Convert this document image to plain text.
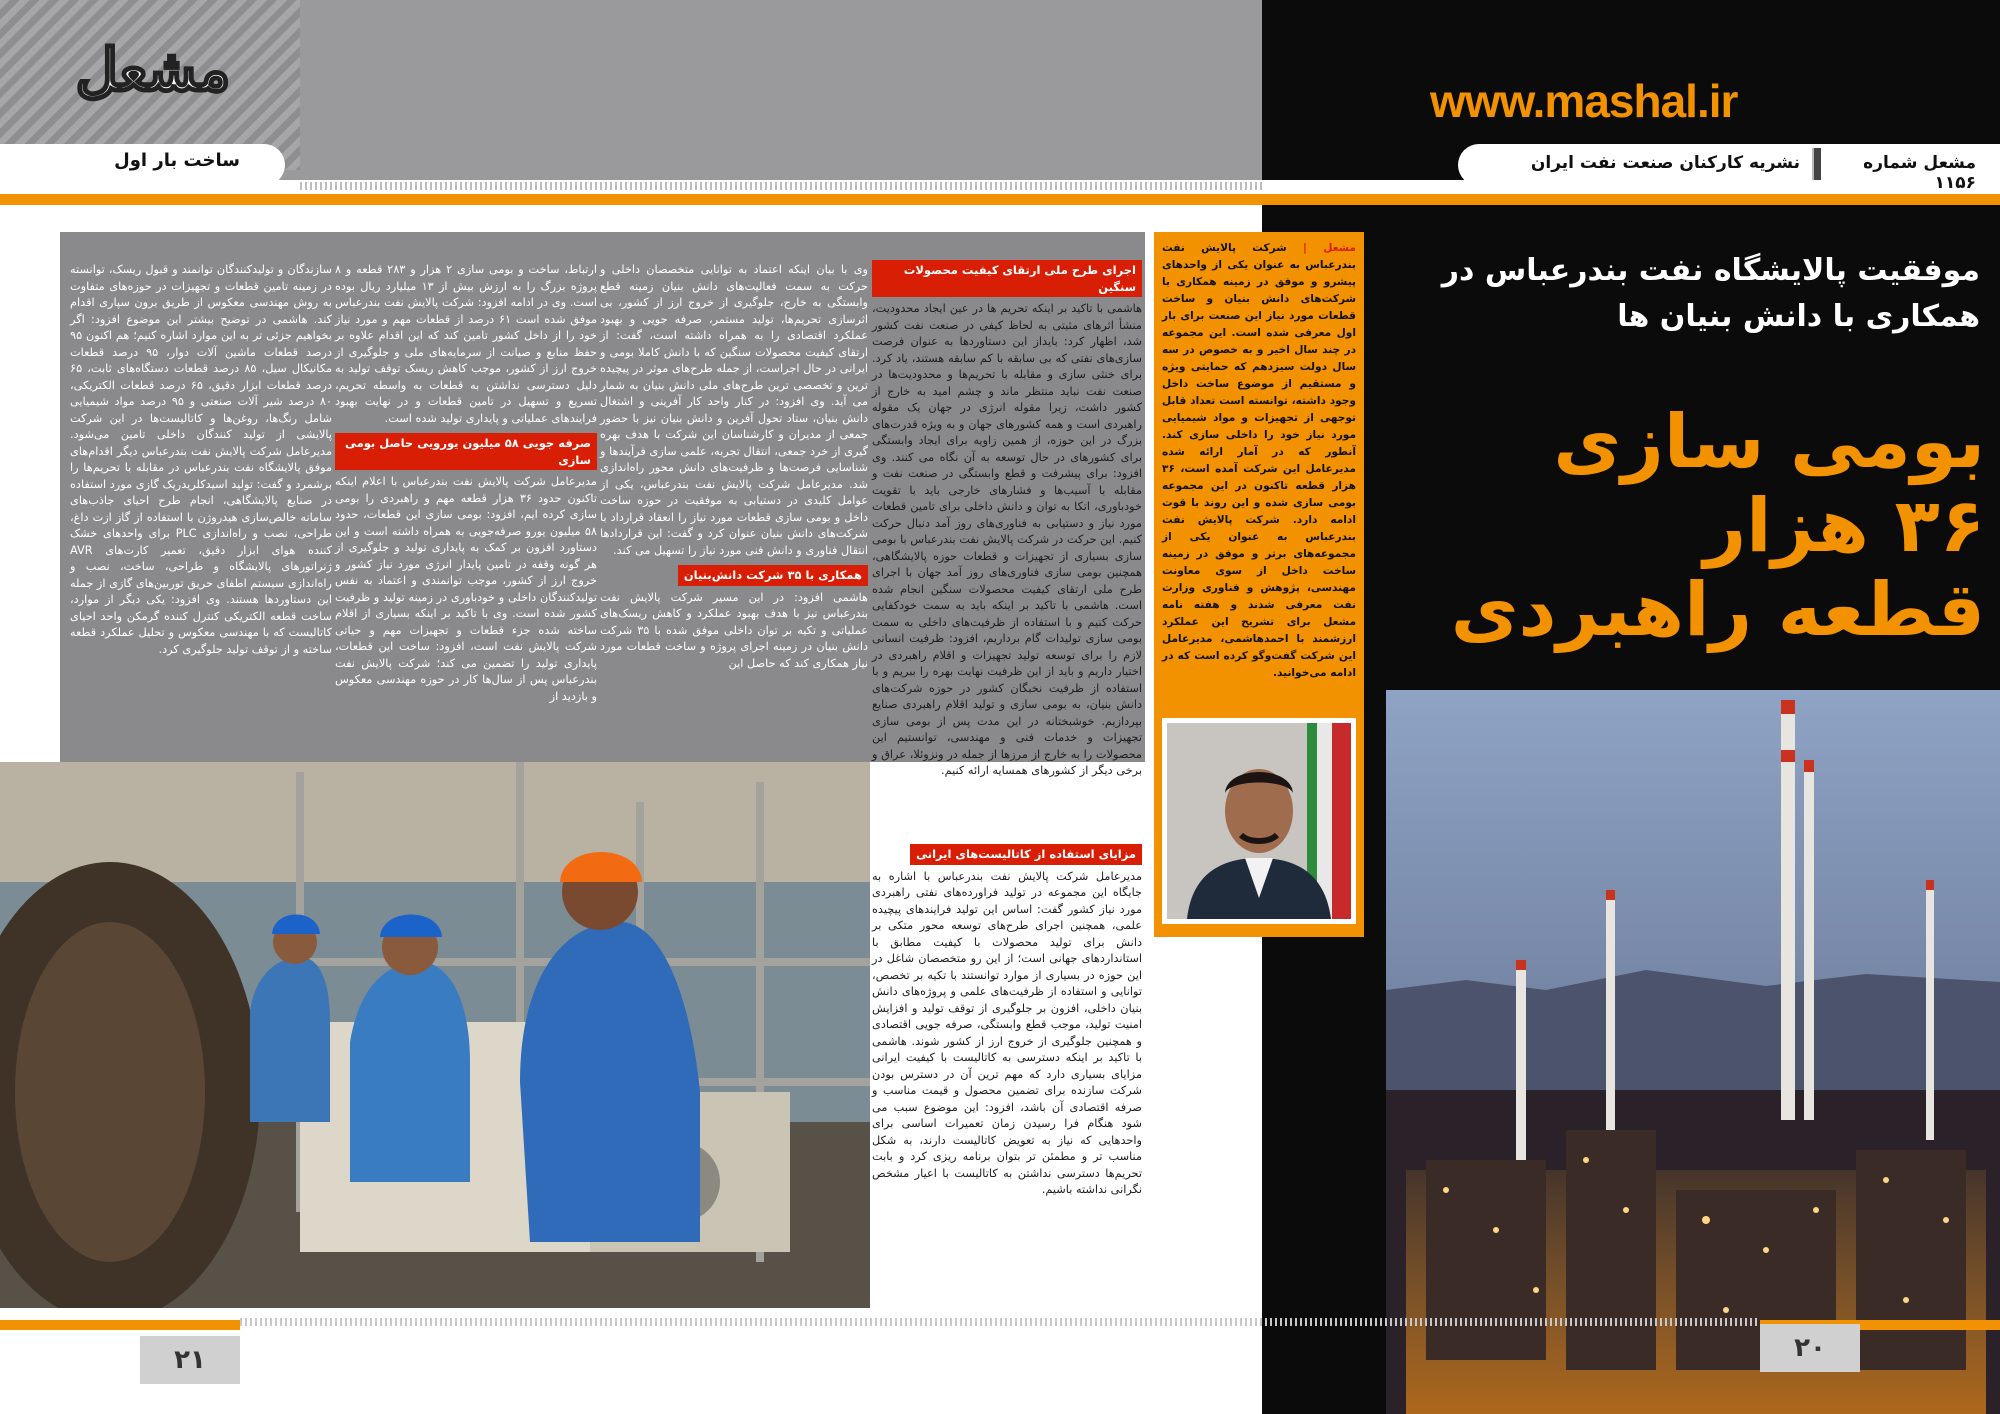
مشعل
ساخت بار اول
www.mashal.ir
مشعل شماره ۱۱۵۶
نشریه کارکنان صنعت نفت ایران
موفقیت پالایشگاه نفت بندرعباس در همکاری با دانش بنیان ها
بومی سازی
۳۶ هزار
قطعه راهبردی
مشعل | شرکت پالایش نفت بندرعباس به عنوان یکی از واحدهای پیشرو و موفق در زمینه همکاری با شرکت‌های دانش بنیان و ساخت قطعات مورد نیاز این صنعت برای بار اول معرفی شده است. این مجموعه در چند سال اخیر و به خصوص در سه سال دولت سیزدهم که حمایتی ویژه و مستقیم از موضوع ساخت داخل وجود داشته، توانسته است تعداد قابل توجهی از تجهیزات و مواد شیمیایی مورد نیاز خود را داخلی سازی کند. آنطور که در آمار ارائه شده مدیرعامل این شرکت آمده است، ۳۶ هزار قطعه تاکنون در این مجموعه بومی سازی شده و این روند با قوت ادامه دارد. شرکت پالایش نفت بندرعباس به عنوان یکی از مجموعه‌های برتر و موفق در زمینه ساخت داخل از سوی معاونت مهندسی، پژوهش و فناوری وزارت نفت معرفی شدند و هفته نامه مشعل برای تشریح این عملکرد ارزشمند با احمدهاشمی، مدیرعامل این شرکت گفت‌وگو کرده است که در ادامه می‌خوانید.
اجرای طرح ملی ارتقای کیفیت محصولات سنگین
هاشمی با تاکید بر اینکه تحریم ها در عین ایجاد محدودیت، منشأ اثرهای مثبتی به لحاظ کیفی در صنعت نفت کشور شد، اظهار کرد: بایداز این دستاوردها به عنوان فرصت سازی‌های نفتی که بی سابقه با کم سابقه هستند، یاد کرد. برای خنثی سازی و مقابله با تحریم‌ها و محدودیت‌ها در صنعت نفت نباید منتظر ماند و چشم امید به خارج از کشور داشت، زیرا مقوله انرژی در جهان یک مقوله راهبردی است و همه کشورهای جهان و به ویژه قدرت‌های بزرگ در این حوزه، از همین زاویه برای ایجاد وابستگی برای کشورهای در حال توسعه به آن نگاه می کنند. وی افزود: برای پیشرفت و قطع وابستگی در صنعت نفت و مقابله با آسیب‌ها و فشارهای خارجی باید با تقویت خودباوری، اتکا به توان و دانش داخلی برای تامین قطعات مورد نیاز و دستیابی به فناوری‌های روز آمد دنبال حرکت کنیم. این حرکت در شرکت پالایش نفت بندرعباس با بومی سازی بسیاری از تجهیزات و قطعات حوزه پالایشگاهی، همچنین بومی سازی فناوری‌های روز آمد جهان با اجرای طرح ملی ارتقای کیفیت محصولات سنگین انجام شده است. هاشمی با تاکید بر اینکه باید به سمت خودکفایی حرکت کنیم و با استفاده از ظرفیت‌های داخلی به سمت بومی سازی تولیدات گام برداریم، افزود: ظرفیت انسانی لازم را برای توسعه تولید تجهیزات و اقلام راهبردی در اختیار داریم و باید از این ظرفیت نهایت بهره را ببریم و با استفاده از ظرفیت نخبگان کشور در حوزه شرکت‌های دانش بنیان، به بومی سازی و تولید اقلام راهبردی صنایع بپردازیم. خوشبختانه در این مدت پس از بومی سازی تجهیزات و خدمات فنی و مهندسی، توانستیم این محصولات را به خارج از مرزها از جمله در ونزوئلا، عراق و برخی دیگر از کشورهای همسایه ارائه کنیم.
مزایای استفاده از کاتالیست‌های ایرانی
مدیرعامل شرکت پالایش نفت بندرعباس با اشاره به جایگاه این مجموعه در تولید فراورده‌های نفتی راهبردی مورد نیاز کشور گفت: اساس این تولید فرایندهای پیچیده علمی، همچنین اجرای طرح‌های توسعه محور متکی بر دانش برای تولید محصولات با کیفیت مطابق با استانداردهای جهانی است؛ از این رو متخصصان شاغل در این حوزه در بسیاری از موارد توانستند با تکیه بر تخصص، توانایی و استفاده از ظرفیت‌های علمی و پروژه‌های دانش بنیان داخلی، افزون بر جلوگیری از توقف تولید و افزایش امنیت تولید، موجب قطع وابستگی، صرفه جویی اقتصادی و همچنین جلوگیری از خروج ارز از کشور شوند. هاشمی با تاکید بر اینکه دسترسی به کاتالیست با کیفیت ایرانی مزایای بسیاری دارد که مهم ترین آن در دسترس بودن شرکت سازنده برای تضمین محصول و قیمت مناسب و صرفه اقتصادی آن باشد، افزود: این موضوع سبب می شود هنگام فرا رسیدن زمان تعمیرات اساسی برای واحدهایی که نیاز به تعویض کاتالیست دارند، به شکل مناسب تر و مطمئن تر بتوان برنامه ریزی کرد و بابت تحریم‌ها دسترسی نداشتن به کاتالیست با اعیار مشخص نگرانی نداشته باشیم.
وی با بیان اینکه اعتماد به توانایی متخصصان داخلی و حرکت به سمت فعالیت‌های دانش بنیان زمینه قطع وابستگی به خارج، جلوگیری از خروج ارز از کشور، بی اثرسازی تحریم‌ها، تولید مستمر، صرفه جویی و بهبود عملکرد اقتصادی را به همراه داشته است، گفت: از ارتقای کیفیت محصولات سنگین که با دانش کاملا بومی و ایرانی در حال اجراست، از جمله طرح‌های موثر در پیچیده ترین و تخصصی ترین طرح‌های ملی دانش بنیان به شمار می آید. وی افزود: در کنار واحد کار آفرینی و اشتغال دانش بنیان، ستاد تحول آفرین و دانش بنیان نیز با حضور جمعی از مدیران و کارشناسان این شرکت با هدف بهره گیری از خرد جمعی، انتقال تجربه، علمی سازی فرآیندها و شناسایی فرصت‌ها و ظرفیت‌های دانش محور راه‌اندازی شد. مدیرعامل شرکت پالایش نفت بندرعباس، یکی از عوامل کلیدی در دستیابی به موفقیت در حوزه ساخت داخل و بومی سازی قطعات مورد نیاز را انعقاد قرارداد با شرکت‌های دانش بنیان عنوان کرد و گفت: این قراردادها انتقال فناوری و دانش فنی مورد نیاز را تسهیل می کند.
همکاری با ۳۵ شرکت دانش‌بنیان
هاشمی افزود: در این مسیر شرکت پالایش نفت بندرعباس نیز با هدف بهبود عملکرد و کاهش ریسک‌های عملیاتی و تکیه بر توان داخلی موفق شده با ۳۵ شرکت دانش بنیان در زمینه اجرای پروژه و ساخت قطعات مورد نیاز همکاری کند که حاصل این
ارتباط، ساخت و بومی سازی ۲ هزار و ۲۸۳ قطعه و ۸ پروژه بزرگ را به ارزش بیش از ۱۳ میلیارد ریال بوده است. وی در ادامه افزود: شرکت پالایش نفت بندرعباس موفق شده است ۶۱ درصد از قطعات مهم و مورد نیاز خود را از داخل کشور تامین کند که این اقدام علاوه بر حفظ منابع و صیانت از سرمایه‌های ملی و جلوگیری از خروج ارز از کشور، موجب کاهش ریسک توقف تولید به دلیل دسترسی نداشتن به قطعات به واسطه تحریم، تسریع و تسهیل در تامین قطعات و در نهایت بهبود فرایندهای عملیاتی و پایداری تولید شده است.
صرفه جویی ۵۸ میلیون یورویی حاصل بومی سازی
مدیرعامل شرکت پالایش نفت بندرعباس با اعلام اینکه تاکنون حدود ۳۶ هزار قطعه مهم و راهبردی را بومی سازی کرده ایم، افزود: بومی سازی این قطعات، حدود ۵۸ میلیون یورو صرفه‌جویی به همراه داشته است و این دستاورد افزون بر کمک به پایداری تولید و جلوگیری از هر گونه وقفه در تامین پایدار انرژی مورد نیاز کشور و خروج ارز از کشور، موجب توانمندی و اعتماد به نفس تولیدکنندگان داخلی و خودباوری در زمینه تولید و ظرفیت کشور شده است. وی با تاکید بر اینکه بسیاری از اقلام ساخته شده جزء قطعات و تجهیزات مهم و حیاتی شرکت پالایش نفت است، افزود: ساخت این قطعات، پایداری تولید را تضمین می کند؛ شرکت پالایش نفت بندرعباس پس از سال‌ها کار در حوزه مهندسی معکوس و بازدید از
سازندگان و تولیدکنندگان توانمند و قبول ریسک، توانسته در زمینه تامین قطعات و تجهیزات در حوزه‌های متفاوت به روش مهندسی معکوس از طریق برون سپاری اقدام کند. هاشمی در توضیح بیشتر این موضوع افزود: اگر بخواهیم جزئی تر به این موارد اشاره کنیم؛ هم اکنون ۹۵ درصد قطعات ماشین آلات دوار، ۹۵ درصد قطعات مکانیکال سیل، ۸۵ درصد قطعات دستگاه‌های ثابت، ۶۵ درصد قطعات ابزار دقیق، ۶۵ درصد قطعات الکتریکی، ۸۰ درصد شیر آلات صنعتی و ۹۵ درصد مواد شیمیایی شامل رنگ‌ها، روغن‌ها و کاتالیست‌ها در این شرکت پالایشی از تولید کنندگان داخلی تامین می‌شود. مدیرعامل شرکت پالایش نفت بندرعباس دیگر اقدام‌های موفق پالایشگاه نفت بندرعباس در مقابله با تحریم‌ها را برشمرد و گفت: تولید اسیدکلریدریک گازی مورد استفاده در صنایع پالایشگاهی، انجام طرح احیای جاذب‌های سامانه خالص‌سازی هیدروژن با استفاده از گاز ازت داغ، طراحی، نصب و راه‌اندازی PLC برای واحدهای خشک کننده هوای ابزار دقیق، تعمیر کارت‌های AVR ژنراتورهای پالایشگاه و طراحی، ساخت، نصب و راه‌اندازی سیستم اطفای حریق توربین‌های گازی از جمله این دستاوردها هستند. وی افزود: یکی دیگر از موارد، ساخت قطعه الکتریکی کنترل کننده گرمکن واحد احیای کاتالیست که با مهندسی معکوس و تحلیل عملکرد قطعه ساخته و از توقف تولید جلوگیری کرد.
۲۱	۲۰
